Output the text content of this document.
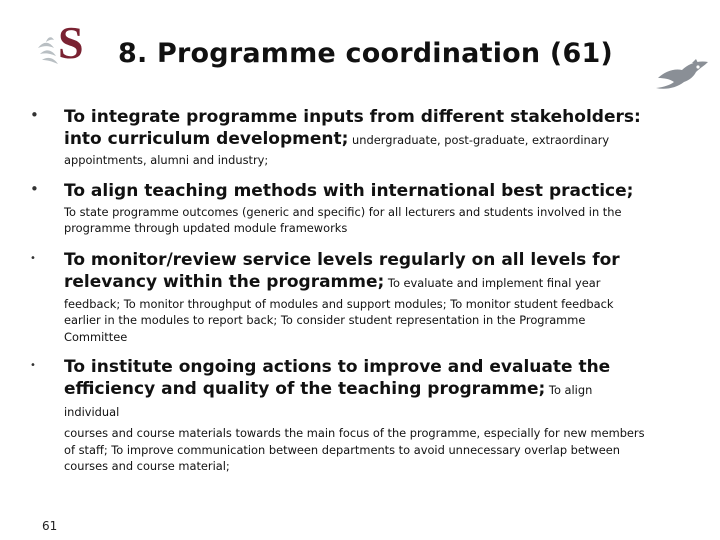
S 8. Programme coordination (61)
• To integrate programme inputs from different stakeholders:
into curriculum development; undergraduate, post-graduate, extraordinary
appointments, alumni and industry;
• To align teaching methods with international best practice;
To state programme outcomes (generic and specific) for all lecturers and students involved in the programme through updated module frameworks
• To monitor/review service levels regularly on all levels for
relevancy within the programme; To evaluate and implement final year
feedback; To monitor throughput of modules and support modules; To monitor student feedback earlier in the modules to report back; To consider student representation in the Programme Committee
• To institute ongoing actions to improve and evaluate the
efficiency and quality of the teaching programme; To align individual
courses and course materials towards the main focus of the programme, especially for new members of staff; To improve communication between departments to avoid unnecessary overlap between courses and course material;
61
